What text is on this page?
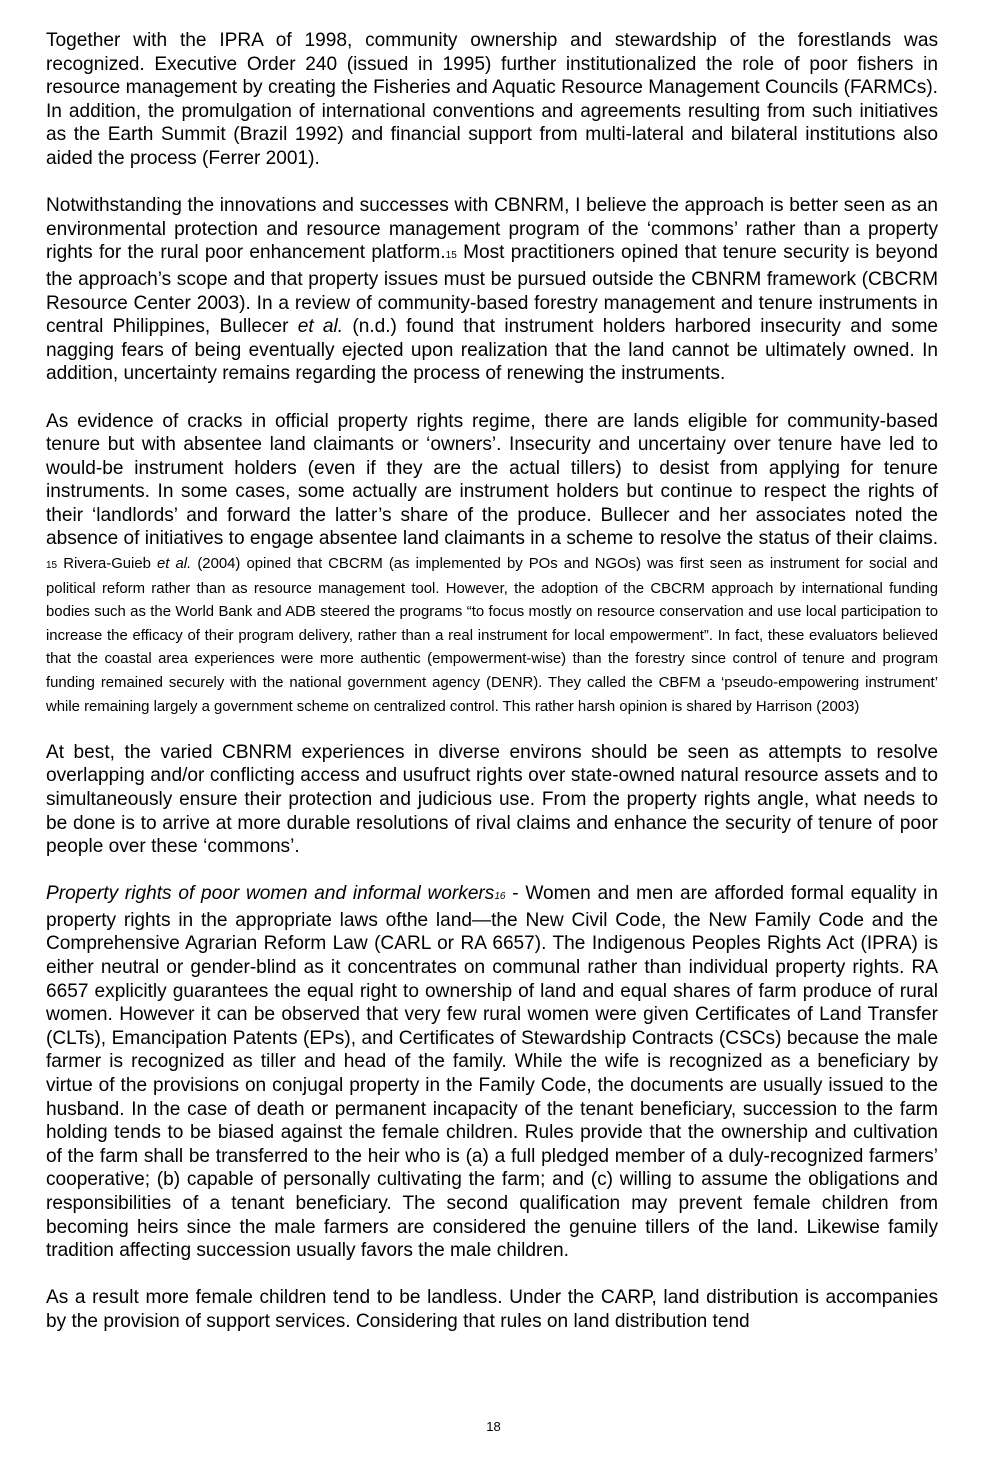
Together with the IPRA of 1998, community ownership and stewardship of the forestlands was recognized. Executive Order 240 (issued in 1995) further institutionalized the role of poor fishers in resource management by creating the Fisheries and Aquatic Resource Management Councils (FARMCs). In addition, the promulgation of international conventions and agreements resulting from such initiatives as the Earth Summit (Brazil 1992) and financial support from multi-lateral and bilateral institutions also aided the process (Ferrer 2001).

Notwithstanding the innovations and successes with CBNRM, I believe the approach is better seen as an environmental protection and resource management program of the ‘commons’ rather than a property rights for the rural poor enhancement platform.15 Most practitioners opined that tenure security is beyond the approach’s scope and that property issues must be pursued outside the CBNRM framework (CBCRM Resource Center 2003). In a review of community-based forestry management and tenure instruments in central Philippines, Bullecer et al. (n.d.) found that instrument holders harbored insecurity and some nagging fears of being eventually ejected upon realization that the land cannot be ultimately owned. In addition, uncertainty remains regarding the process of renewing the instruments.

As evidence of cracks in official property rights regime, there are lands eligible for community-based tenure but with absentee land claimants or ‘owners’. Insecurity and uncertainy over tenure have led to would-be instrument holders (even if they are the actual tillers) to desist from applying for tenure instruments. In some cases, some actually are instrument holders but continue to respect the rights of their ‘landlords’ and forward the latter’s share of the produce. Bullecer and her associates noted the absence of initiatives to engage absentee land claimants in a scheme to resolve the status of their claims. 15 Rivera-Guieb et al. (2004) opined that CBCRM (as implemented by POs and NGOs) was first seen as instrument for social and political reform rather than as resource management tool. However, the adoption of the CBCRM approach by international funding bodies such as the World Bank and ADB steered the programs “to focus mostly on resource conservation and use local participation to increase the efficacy of their program delivery, rather than a real instrument for local empowerment”. In fact, these evaluators believed that the coastal area experiences were more authentic (empowerment-wise) than the forestry since control of tenure and program funding remained securely with the national government agency (DENR). They called the CBFM a ‘pseudo-empowering instrument’ while remaining largely a government scheme on centralized control. This rather harsh opinion is shared by Harrison (2003)

At best, the varied CBNRM experiences in diverse environs should be seen as attempts to resolve overlapping and/or conflicting access and usufruct rights over state-owned natural resource assets and to simultaneously ensure their protection and judicious use. From the property rights angle, what needs to be done is to arrive at more durable resolutions of rival claims and enhance the security of tenure of poor people over these ‘commons’.

Property rights of poor women and informal workers16 - Women and men are afforded formal equality in property rights in the appropriate laws ofthe land—the New Civil Code, the New Family Code and the Comprehensive Agrarian Reform Law (CARL or RA 6657). The Indigenous Peoples Rights Act (IPRA) is either neutral or gender-blind as it concentrates on communal rather than individual property rights. RA 6657 explicitly guarantees the equal right to ownership of land and equal shares of farm produce of rural women. However it can be observed that very few rural women were given Certificates of Land Transfer (CLTs), Emancipation Patents (EPs), and Certificates of Stewardship Contracts (CSCs) because the male farmer is recognized as tiller and head of the family. While the wife is recognized as a beneficiary by virtue of the provisions on conjugal property in the Family Code, the documents are usually issued to the husband. In the case of death or permanent incapacity of the tenant beneficiary, succession to the farm holding tends to be biased against the female children. Rules provide that the ownership and cultivation of the farm shall be transferred to the heir who is (a) a full pledged member of a duly-recognized farmers’ cooperative; (b) capable of personally cultivating the farm; and (c) willing to assume the obligations and responsibilities of a tenant beneficiary. The second qualification may prevent female children from becoming heirs since the male farmers are considered the genuine tillers of the land. Likewise family tradition affecting succession usually favors the male children.

As a result more female children tend to be landless. Under the CARP, land distribution is accompanies by the provision of support services. Considering that rules on land distribution tend

18
